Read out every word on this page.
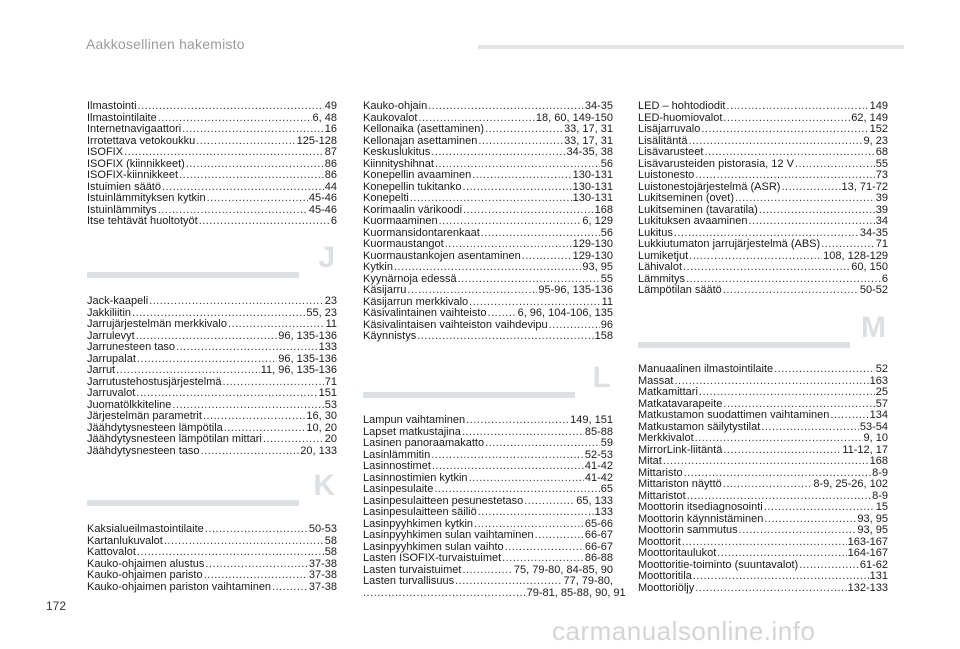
Aakkosellinen hakemisto
Ilmastointi .....	49
Ilmastointilaite .....	6, 48
Internetnavigaattori .....	16
Irrotettava vetokoukku .....	125-128
ISOFIX .....	87
ISOFIX (kiinnikkeet) .....	86
ISOFIX-kiinnikkeet .....	86
Istuimien säätö .....	44
Istuinlämmityksen kytkin .....	45-46
Istuinlämmitys .....	45-46
Itse tehtävät huoltotyöt .....	6
J
Jack-kaapeli .....	23
Jakkiliitin .....	55, 23
Jarrujärjestelmän merkkivalo .....	11
Jarrulevyt .....	96, 135-136
Jarrunesteen taso .....	133
Jarrupalat .....	96, 135-136
Jarrut .....	11, 96, 135-136
Jarrutustehostusjärjestelmä .....	71
Jarruvalot .....	151
Juomatölkkiteline .....	53
Järjestelmän parametrit .....	16, 30
Jäähdytysnesteen lämpötila .....	10, 20
Jäähdytysnesteen lämpötilan mittari .....	20
Jäähdytysnesteen taso .....	20, 133
K
Kaksialueilmastointilaite .....	50-53
Kartanlukuvalot .....	58
Kattovalot .....	58
Kauko-ohjaimen alustus .....	37-38
Kauko-ohjaimen paristo .....	37-38
Kauko-ohjaimen pariston vaihtaminen .....	37-38
Kauko-ohjain .....	34-35
Kaukovalot .....	18, 60, 149-150
Kellonaika (asettaminen) .....	33, 17, 31
Kellonajan asettaminen .....	33, 17, 31
Keskuslukitus .....	34-35, 38
Kiinnityshihnat .....	56
Konepellin avaaminen .....	130-131
Konepellin tukitanko .....	130-131
Konepelti .....	130-131
Korimaalin värikoodi .....	168
Kuormaaminen .....	6, 129
Kuormansidontarenkaat .....	56
Kuormaustangot .....	129-130
Kuormaustankojen asentaminen .....	129-130
Kytkin .....	93, 95
Kyynärnoja edessä .....	55
Käsijarru .....	95-96, 135-136
Käsijarrun merkkivalo .....	11
Käsivalintainen vaihteisto .....	6, 96, 104-106, 135
Käsivalintaisen vaihteiston vaihdevipu .....	96
Käynnistys .....	158
L
Lampun vaihtaminen .....	149, 151
Lapset matkustajina .....	85-88
Lasinen panoraamakatto .....	59
Lasinlämmitin .....	52-53
Lasinnostimet .....	41-42
Lasinnostimien kytkin .....	41-42
Lasinpesulaite .....	65
Lasinpesulaitteen pesunestetaso .....	65, 133
Lasinpesulaitteen säiliö .....	133
Lasinpyyhkimen kytkin .....	65-66
Lasinpyyhkimen sulan vaihtaminen .....	66-67
Lasinpyyhkimen sulan vaihto .....	66-67
Lasten ISOFIX-turvaistuimet .....	86-88
Lasten turvaistuimet .....	75, 79-80, 84-85, 90
Lasten turvallisuus .....	77, 79-80,
..............................................79-81, 85-88, 90, 91
LED – hohtodiodit .....	149
LED-huomiovalot .....	62, 149
Lisäjarruvalo .....	152
Lisälitäntä .....	9, 23
Lisävarusteet .....	68
Lisävarusteiden pistorasia, 12 V .....	55
Luistonesto .....	73
Luistonestojärjestelmä (ASR) .....	13, 71-72
Lukitseminen (ovet) .....	39
Lukitseminen (tavaratila) .....	39
Lukituksen avaaminen .....	34
Lukitus .....	34-35
Lukkiutumaton jarrujärjestelmä (ABS) .....	71
Lumiketjut .....	108, 128-129
Lähivalot .....	60, 150
Lämmitys .....	6
Lämpötilan säätö .....	50-52
M
Manuaalinen ilmastointilaite .....	52
Massat .....	163
Matkamittari .....	25
Matkatavarapeite .....	57
Matkustamon suodattimen vaihtaminen .....	134
Matkustamon säilytystilat .....	53-54
Merkkivalot .....	9, 10
MirrorLink-liitäntä .....	11-12, 17
Mitat .....	168
Mittaristo .....	8-9
Mittariston näyttö .....	8-9, 25-26, 102
Mittaristot .....	8-9
Moottorin itsediagnosointi .....	15
Moottorin käynnistäminen .....	93, 95
Moottorin sammutus .....	93, 95
Moottorit .....	163-167
Moottoritaulukot .....	164-167
Moottoritie-toiminto (suuntavalot) .....	61-62
Moottoritila .....	131
Moottoriöljy .....	132-133
172
carmanualsonline.info
